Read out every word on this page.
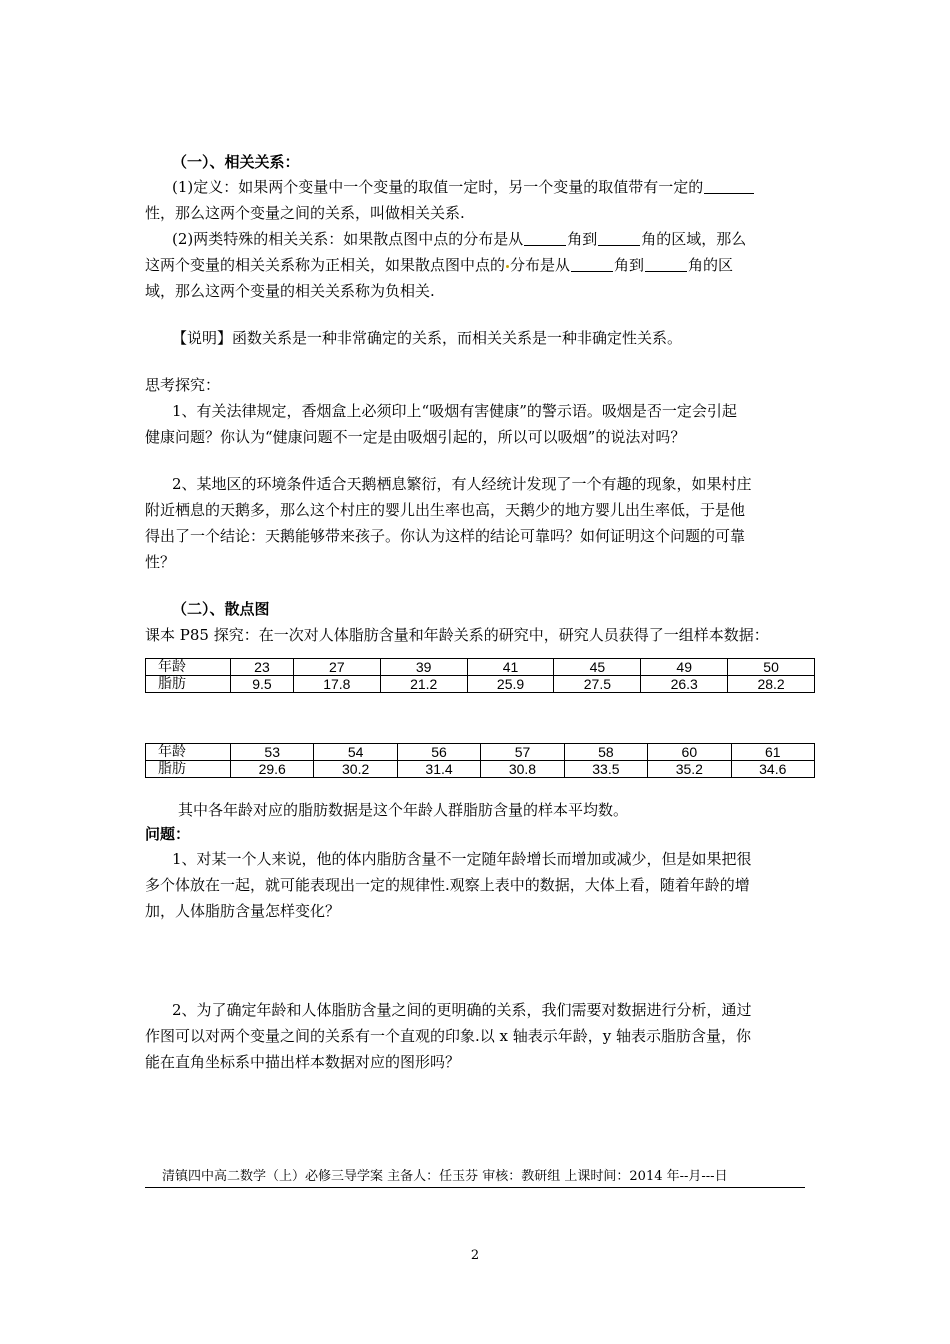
（一）、相关关系：
(1)定义：如果两个变量中一个变量的取值一定时，另一个变量的取值带有一定的
性，那么这两个变量之间的关系，叫做相关关系.
(2)两类特殊的相关关系：如果散点图中点的分布是从	角到	角的区域，那么
这两个变量的相关关系称为正相关，如果散点图中点的 分布是从	角到	角的区
域，那么这两个变量的相关关系称为负相关.
【说明】函数关系是一种非常确定的关系，而相关关系是一种非确定性关系。
思考探究：
1、有关法律规定，香烟盒上必须印上“吸烟有害健康”的警示语。吸烟是否一定会引起
健康问题？你认为“健康问题不一定是由吸烟引起的，所以可以吸烟”的说法对吗？
2、某地区的环境条件适合天鹅栖息繁衍，有人经统计发现了一个有趣的现象，如果村庄
附近栖息的天鹅多，那么这个村庄的婴儿出生率也高，天鹅少的地方婴儿出生率低，于是他
得出了一个结论：天鹅能够带来孩子。你认为这样的结论可靠吗？如何证明这个问题的可靠
性？
（二）、散点图
课本 P85 探究：在一次对人体脂肪含量和年龄关系的研究中，研究人员获得了一组样本数据：
年龄	23	27	39	41	45	49	50
脂肪	9.5	17.8	21.2	25.9	27.5	26.3	28.2
年龄	53	54	56	57	58	60	61
脂肪	29.6	30.2	31.4	30.8	33.5	35.2	34.6
其中各年龄对应的脂肪数据是这个年龄人群脂肪含量的样本平均数。
问题：
1、对某一个人来说，他的体内脂肪含量不一定随年龄增长而增加或减少，但是如果把很
多个体放在一起，就可能表现出一定的规律性.观察上表中的数据，大体上看，随着年龄的增
加，人体脂肪含量怎样变化？
2、为了确定年龄和人体脂肪含量之间的更明确的关系，我们需要对数据进行分析，通过
作图可以对两个变量之间的关系有一个直观的印象.以 x 轴表示年龄，y 轴表示脂肪含量，你
能在直角坐标系中描出样本数据对应的图形吗？
清镇四中高二数学（上）必修三导学案 主备人：任玉芬 审核：教研组 上课时间：2014 年--月---日
2
